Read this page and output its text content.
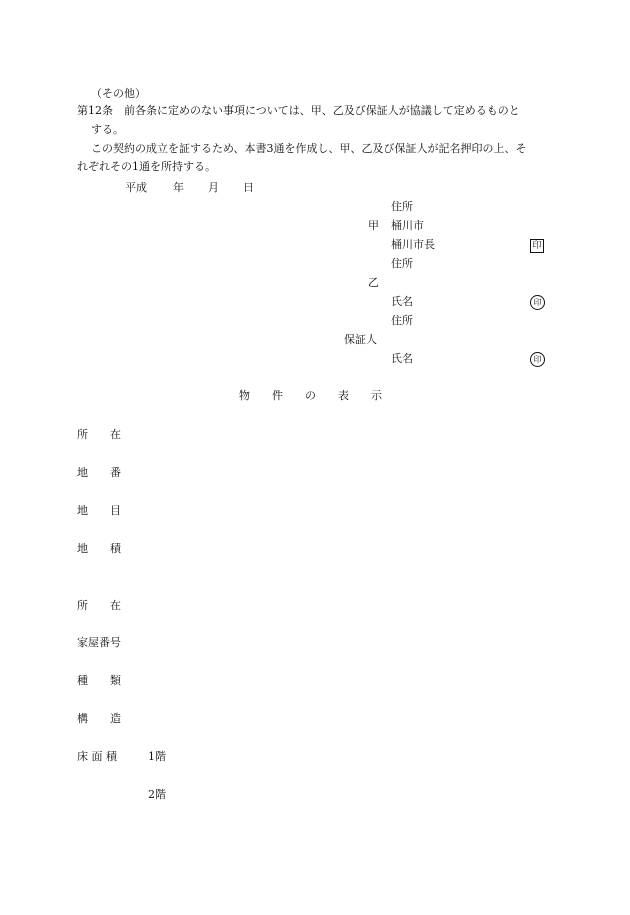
（その他）
第12条 前各条に定めのない事項については、甲、乙及び保証人が協議して定めるものと
する。
この契約の成立を証するため、本書3通を作成し、甲、乙及び保証人が記名押印の上、そ
れぞれその1通を所持する。
平成 年 月 日
住所
甲 桶川市
桶川市長	印
住所
乙
氏名	印
住所
保証人
氏名	印
物　　件　　の　　表　　示
所　　在
地　　番
地　　目
地　　積
所　　在
家屋番号
種　　類
構　　造
床 面 積	1階
2階
